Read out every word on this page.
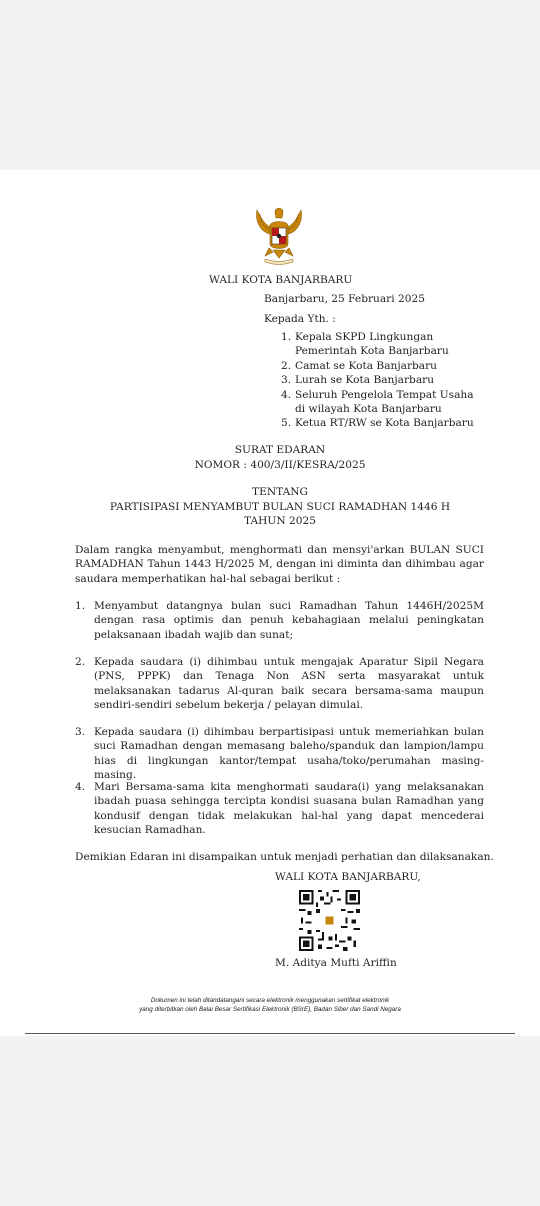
WALI KOTA BANJARBARU
Banjarbaru, 25 Februari 2025
Kepada Yth. :
1. Kepala SKPD Lingkungan
Pemerintah Kota Banjarbaru
2. Camat se Kota Banjarbaru
3. Lurah se Kota Banjarbaru
4. Seluruh Pengelola Tempat Usaha
di wilayah Kota Banjarbaru
5. Ketua RT/RW se Kota Banjarbaru
SURAT EDARAN
NOMOR : 400/3/II/KESRA/2025
TENTANG
PARTISIPASI MENYAMBUT BULAN SUCI RAMADHAN 1446 H
TAHUN 2025
Dalam rangka menyambut, menghormati dan mensyi'arkan BULAN SUCI RAMADHAN Tahun 1443 H/2025 M, dengan ini diminta dan dihimbau agar saudara memperhatikan hal-hal sebagai berikut :
1. Menyambut datangnya bulan suci Ramadhan Tahun 1446H/2025M dengan rasa optimis dan penuh kebahagiaan melalui peningkatan pelaksanaan ibadah wajib dan sunat;
2. Kepada saudara (i) dihimbau untuk mengajak Aparatur Sipil Negara (PNS, PPPK) dan Tenaga Non ASN serta masyarakat untuk melaksanakan tadarus Al-quran baik secara bersama-sama maupun sendiri-sendiri sebelum bekerja / pelayan dimulai.
3. Kepada saudara (i) dihimbau berpartisipasi untuk memeriahkan bulan suci Ramadhan dengan memasang baleho/spanduk dan lampion/lampu hias di lingkungan kantor/tempat usaha/toko/perumahan masing-masing.
4. Mari Bersama-sama kita menghormati saudara(i) yang melaksanakan ibadah puasa sehingga tercipta kondisi suasana bulan Ramadhan yang kondusif dengan tidak melakukan hal-hal yang dapat mencederai kesucian Ramadhan.
Demikian Edaran ini disampaikan untuk menjadi perhatian dan dilaksanakan.
WALI KOTA BANJARBARU,
M. Aditya Mufti Ariffin
Dokumen ini telah ditandatangani secara elektronik menggunakan sertifikat elektronik
yang diterbitkan oleh Balai Besar Sertifikasi Elektronik (BSrE), Badan Siber dan Sandi Negara
